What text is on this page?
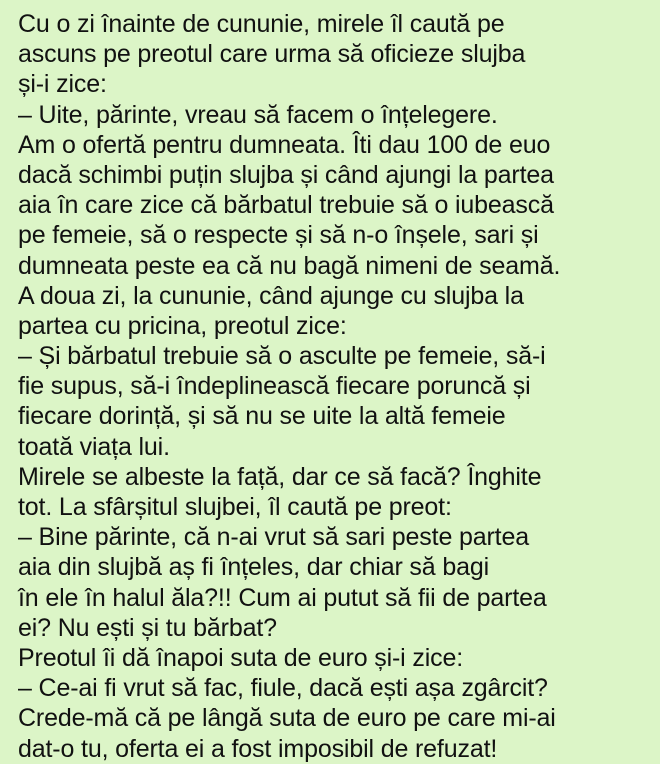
Cu o zi înainte de cununie, mirele îl caută pe
ascuns pe preotul care urma să oficieze slujba
și-i zice:
– Uite, părinte, vreau să facem o înțelegere.
Am o ofertă pentru dumneata. Îti dau 100 de euo
dacă schimbi puțin slujba și când ajungi la partea
aia în care zice că bărbatul trebuie să o iubească
pe femeie, să o respecte și să n-o înșele, sari și
dumneata peste ea că nu bagă nimeni de seamă.
A doua zi, la cununie, când ajunge cu slujba la
partea cu pricina, preotul zice:
– Și bărbatul trebuie să o asculte pe femeie, să-i
fie supus, să-i îndeplinească fiecare poruncă și
fiecare dorință, și să nu se uite la altă femeie
toată viața lui.
Mirele se albeste la față, dar ce să facă? Înghite
tot. La sfârșitul slujbei, îl caută pe preot:
– Bine părinte, că n-ai vrut să sari peste partea
aia din slujbă aș fi înțeles, dar chiar să bagi
în ele în halul ăla?!! Cum ai putut să fii de partea
ei? Nu ești și tu bărbat?
Preotul îi dă înapoi suta de euro și-i zice:
– Ce-ai fi vrut să fac, fiule, dacă ești așa zgârcit?
Crede-mă că pe lângă suta de euro pe care mi-ai
dat-o tu, oferta ei a fost imposibil de refuzat!
